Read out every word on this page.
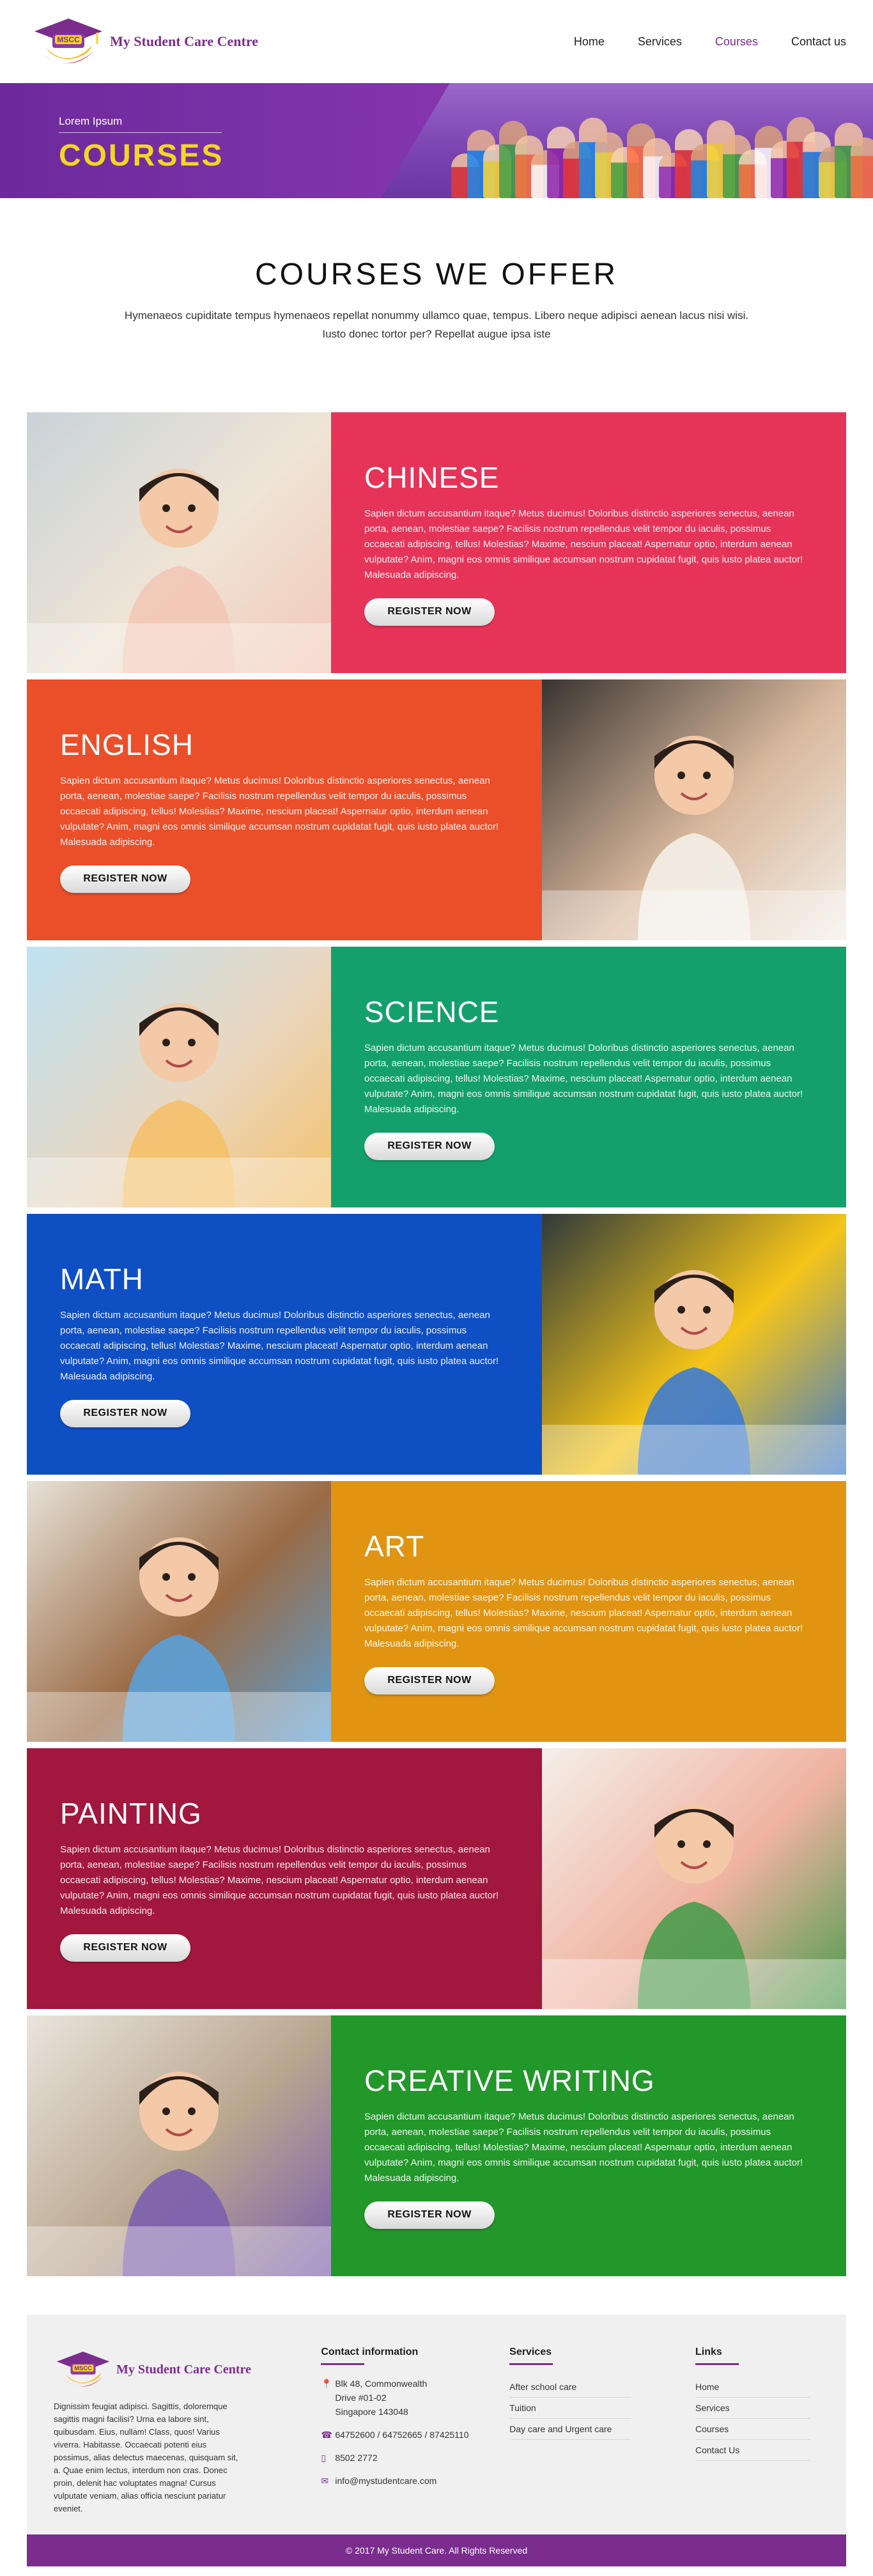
MSCC My Student Care Centre	Home	Services	Courses	Contact us
Lorem Ipsum
COURSES
COURSES WE OFFER

Hymenaeos cupiditate tempus hymenaeos repellat nonummy ullamco quae, tempus. Libero neque adipisci aenean lacus nisi wisi. Iusto donec tortor per? Repellat augue ipsa iste

CHINESE

Sapien dictum accusantium itaque? Metus ducimus! Doloribus distinctio asperiores senectus, aenean porta, aenean, molestiae saepe? Facilisis nostrum repellendus velit tempor du iaculis, possimus occaecati adipiscing, tellus! Molestias? Maxime, nescium placeat! Aspernatur optio, interdum aenean vulputate? Anim, magni eos omnis similique accumsan nostrum cupidatat fugit, quis iusto platea auctor! Malesuada adipiscing.

REGISTER NOW
ENGLISH

Sapien dictum accusantium itaque? Metus ducimus! Doloribus distinctio asperiores senectus, aenean porta, aenean, molestiae saepe? Facilisis nostrum repellendus velit tempor du iaculis, possimus occaecati adipiscing, tellus! Molestias? Maxime, nescium placeat! Aspernatur optio, interdum aenean vulputate? Anim, magni eos omnis similique accumsan nostrum cupidatat fugit, quis iusto platea auctor! Malesuada adipiscing.

REGISTER NOW
SCIENCE

Sapien dictum accusantium itaque? Metus ducimus! Doloribus distinctio asperiores senectus, aenean porta, aenean, molestiae saepe? Facilisis nostrum repellendus velit tempor du iaculis, possimus occaecati adipiscing, tellus! Molestias? Maxime, nescium placeat! Aspernatur optio, interdum aenean vulputate? Anim, magni eos omnis similique accumsan nostrum cupidatat fugit, quis iusto platea auctor! Malesuada adipiscing.

REGISTER NOW
MATH

Sapien dictum accusantium itaque? Metus ducimus! Doloribus distinctio asperiores senectus, aenean porta, aenean, molestiae saepe? Facilisis nostrum repellendus velit tempor du iaculis, possimus occaecati adipiscing, tellus! Molestias? Maxime, nescium placeat! Aspernatur optio, interdum aenean vulputate? Anim, magni eos omnis similique accumsan nostrum cupidatat fugit, quis iusto platea auctor! Malesuada adipiscing.

REGISTER NOW
ART

Sapien dictum accusantium itaque? Metus ducimus! Doloribus distinctio asperiores senectus, aenean porta, aenean, molestiae saepe? Facilisis nostrum repellendus velit tempor du iaculis, possimus occaecati adipiscing, tellus! Molestias? Maxime, nescium placeat! Aspernatur optio, interdum aenean vulputate? Anim, magni eos omnis similique accumsan nostrum cupidatat fugit, quis iusto platea auctor! Malesuada adipiscing.

REGISTER NOW
PAINTING

Sapien dictum accusantium itaque? Metus ducimus! Doloribus distinctio asperiores senectus, aenean porta, aenean, molestiae saepe? Facilisis nostrum repellendus velit tempor du iaculis, possimus occaecati adipiscing, tellus! Molestias? Maxime, nescium placeat! Aspernatur optio, interdum aenean vulputate? Anim, magni eos omnis similique accumsan nostrum cupidatat fugit, quis iusto platea auctor! Malesuada adipiscing.

REGISTER NOW
CREATIVE WRITING

Sapien dictum accusantium itaque? Metus ducimus! Doloribus distinctio asperiores senectus, aenean porta, aenean, molestiae saepe? Facilisis nostrum repellendus velit tempor du iaculis, possimus occaecati adipiscing, tellus! Molestias? Maxime, nescium placeat! Aspernatur optio, interdum aenean vulputate? Anim, magni eos omnis similique accumsan nostrum cupidatat fugit, quis iusto platea auctor! Malesuada adipiscing.

REGISTER NOW
MSCC My Student Care Centre

Dignissim feugiat adipisci. Sagittis, doloremque sagittis magni facilisi? Urna ea labore sint, quibusdam. Eius, nullam! Class, quos! Varius viverra. Habitasse. Occaecati potenti eius possimus, alias delectus maecenas, quisquam sit, a. Quae enim lectus, interdum non cras. Donec proin, delenit hac voluptates magna! Cursus vulputate veniam, alias officia nesciunt pariatur eveniet.

Contact information
📍 Blk 48, Commonwealth
Drive #01-02
Singapore 143048
☎ 64752600 / 64752665 / 87425110
▯	8502 2772
✉ info@mystudentcare.com
Services
After school care
Tuition
Day care and Urgent care
Links
Home
Services
Courses
Contact Us
© 2017 My Student Care. All Rights Reserved
